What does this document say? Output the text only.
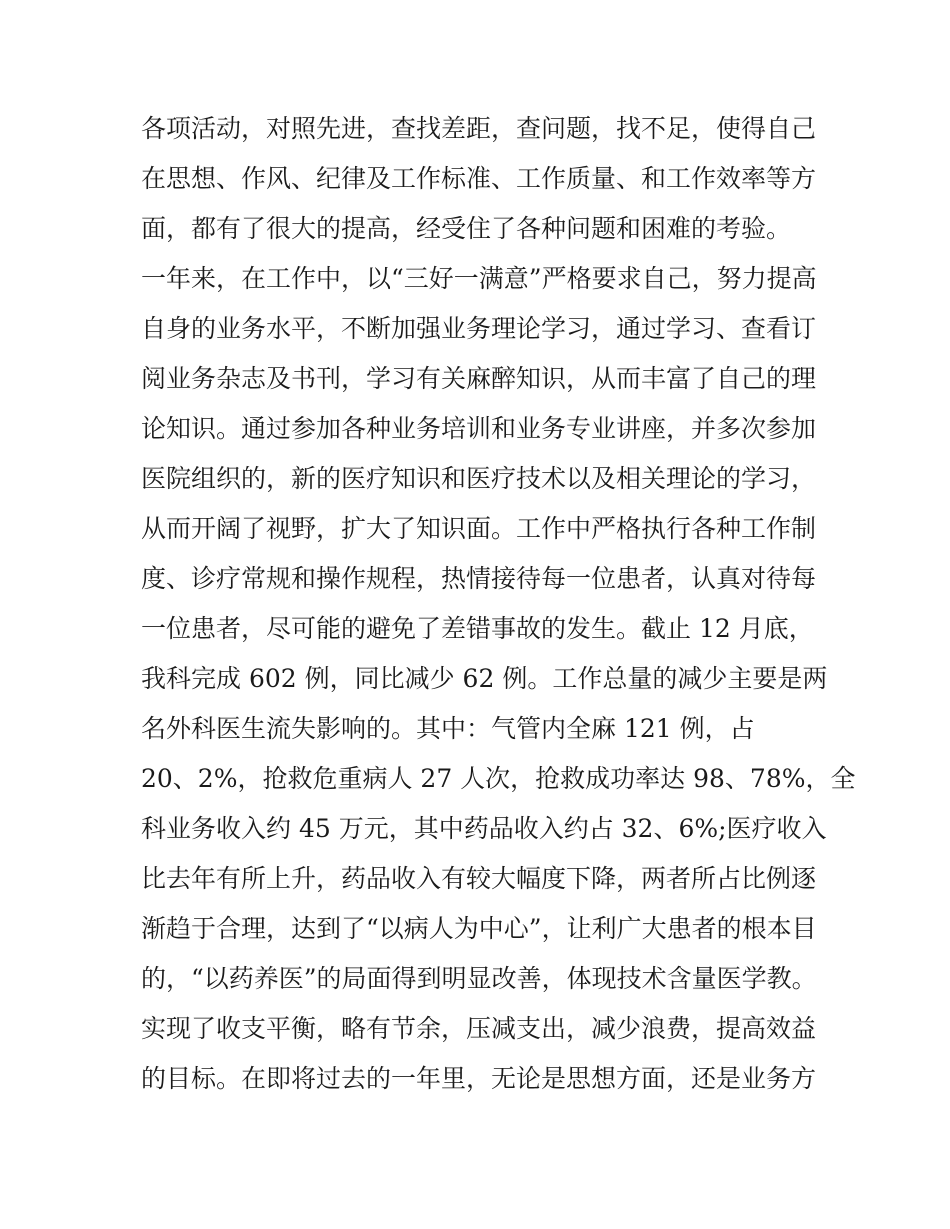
各项活动，对照先进，查找差距，查问题，找不足，使得自己
在思想、作风、纪律及工作标准、工作质量、和工作效率等方
面，都有了很大的提高，经受住了各种问题和困难的考验。
一年来，在工作中，以“三好一满意”严格要求自己，努力提高
自身的业务水平，不断加强业务理论学习，通过学习、查看订
阅业务杂志及书刊，学习有关麻醉知识，从而丰富了自己的理
论知识。通过参加各种业务培训和业务专业讲座，并多次参加
医院组织的，新的医疗知识和医疗技术以及相关理论的学习，
从而开阔了视野，扩大了知识面。工作中严格执行各种工作制
度、诊疗常规和操作规程，热情接待每一位患者，认真对待每
一位患者，尽可能的避免了差错事故的发生。截止 12 月底，
我科完成 602 例，同比减少 62 例。工作总量的减少主要是两
名外科医生流失影响的。其中：气管内全麻 121 例，占
20、2%，抢救危重病人 27 人次，抢救成功率达 98、78%，全
科业务收入约 45 万元，其中药品收入约占 32、6%;医疗收入
比去年有所上升，药品收入有较大幅度下降，两者所占比例逐
渐趋于合理，达到了“以病人为中心”，让利广大患者的根本目
的，“以药养医”的局面得到明显改善，体现技术含量医学教。
实现了收支平衡，略有节余，压减支出，减少浪费，提高效益
的目标。在即将过去的一年里，无论是思想方面，还是业务方
